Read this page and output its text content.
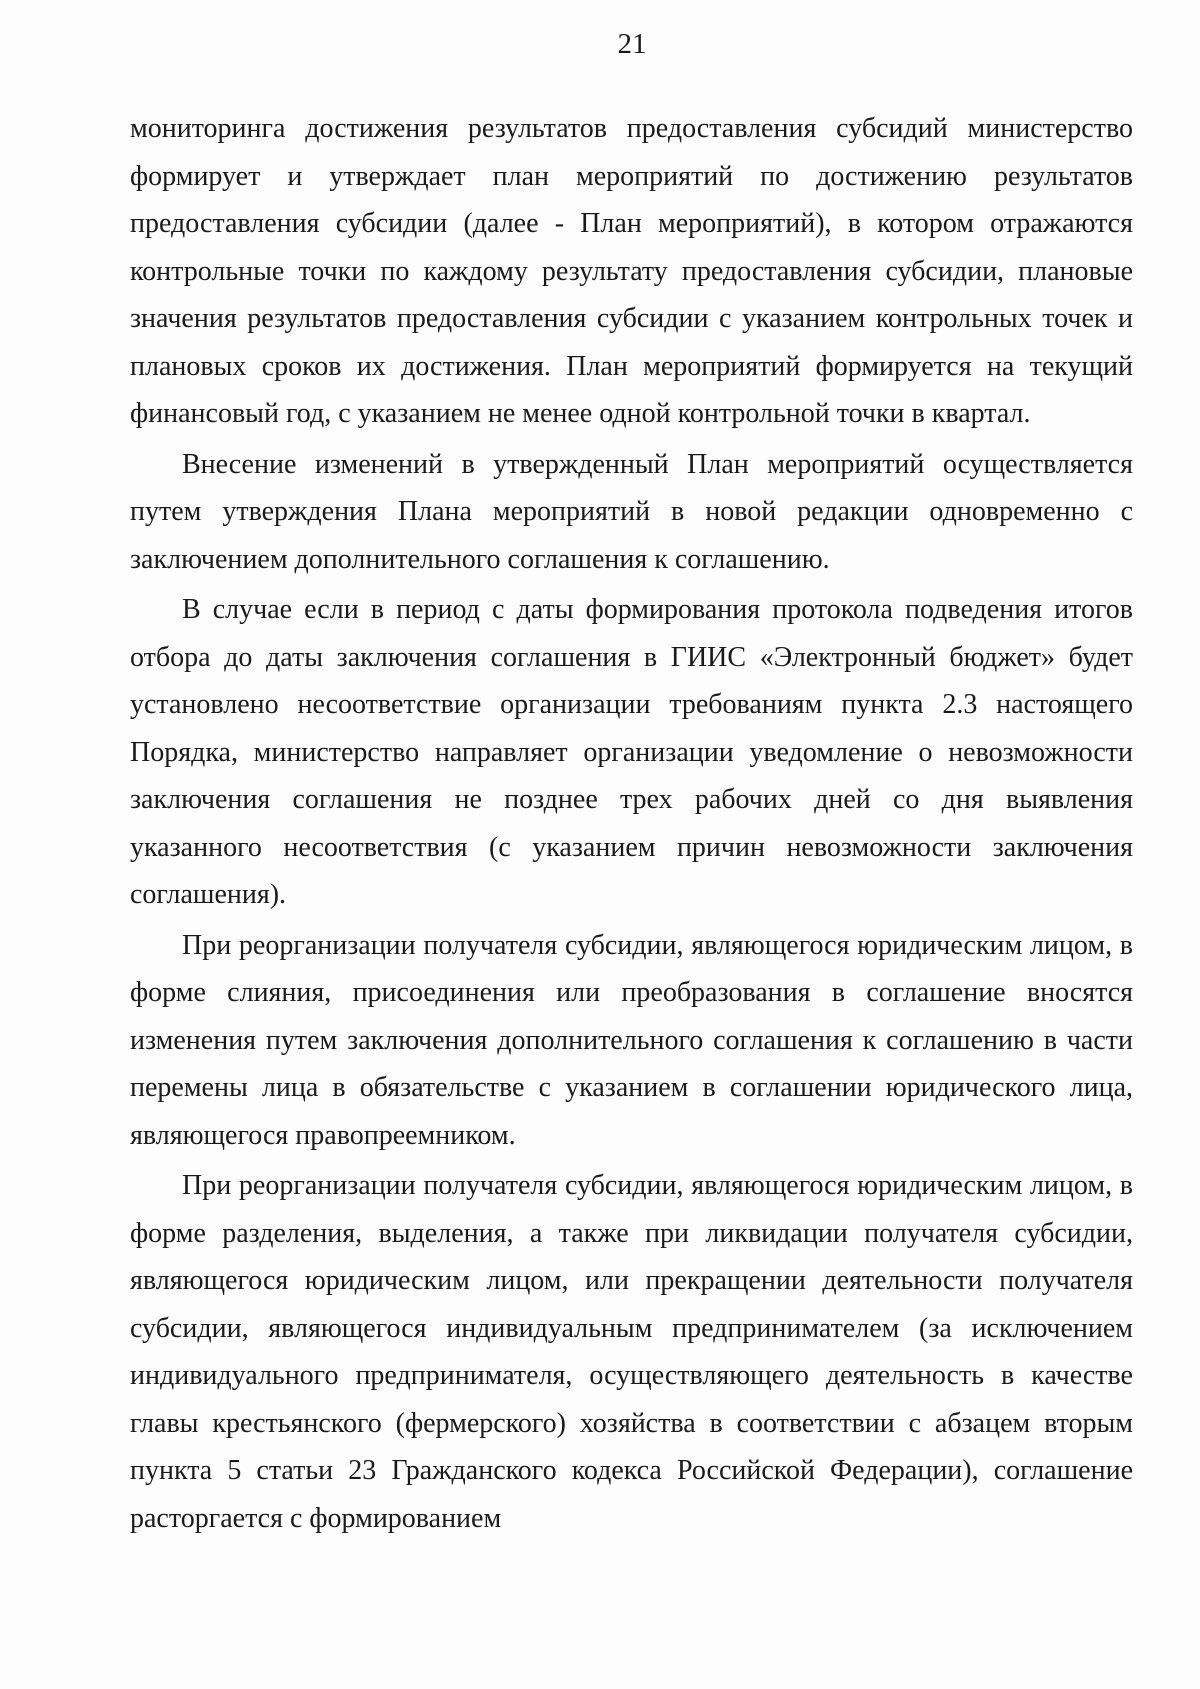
21

мониторинга достижения результатов предоставления субсидий министерство формирует и утверждает план мероприятий по достижению результатов предоставления субсидии (далее - План мероприятий), в котором отражаются контрольные точки по каждому результату предоставления субсидии, плановые значения результатов предоставления субсидии с указанием контрольных точек и плановых сроков их достижения. План мероприятий формируется на текущий финансовый год, с указанием не менее одной контрольной точки в квартал.

Внесение изменений в утвержденный План мероприятий осуществляется путем утверждения Плана мероприятий в новой редакции одновременно с заключением дополнительного соглашения к соглашению.

В случае если в период с даты формирования протокола подведения итогов отбора до даты заключения соглашения в ГИИС «Электронный бюджет» будет установлено несоответствие организации требованиям пункта 2.3 настоящего Порядка, министерство направляет организации уведомление о невозможности заключения соглашения не позднее трех рабочих дней со дня выявления указанного несоответствия (с указанием причин невозможности заключения соглашения).

При реорганизации получателя субсидии, являющегося юридическим лицом, в форме слияния, присоединения или преобразования в соглашение вносятся изменения путем заключения дополнительного соглашения к соглашению в части перемены лица в обязательстве с указанием в соглашении юридического лица, являющегося правопреемником.

При реорганизации получателя субсидии, являющегося юридическим лицом, в форме разделения, выделения, а также при ликвидации получателя субсидии, являющегося юридическим лицом, или прекращении деятельности получателя субсидии, являющегося индивидуальным предпринимателем (за исключением индивидуального предпринимателя, осуществляющего деятельность в качестве главы крестьянского (фермерского) хозяйства в соответствии с абзацем вторым пункта 5 статьи 23 Гражданского кодекса Российской Федерации), соглашение расторгается с формированием
